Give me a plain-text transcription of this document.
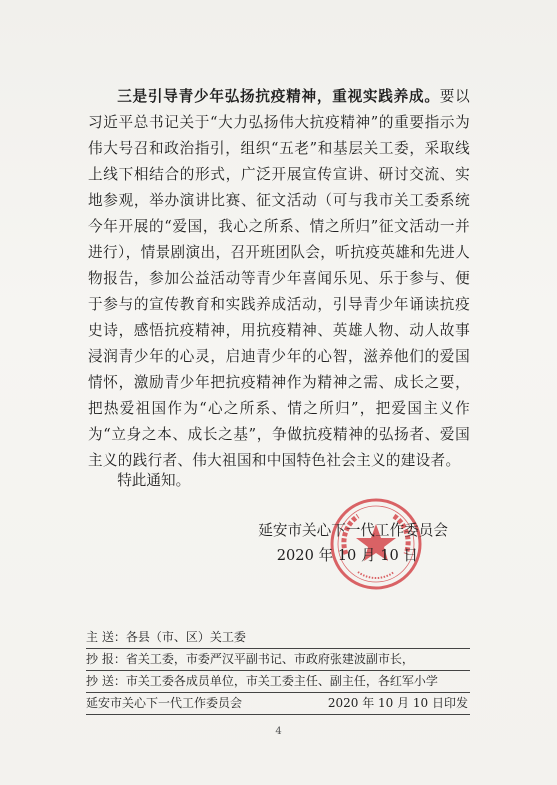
三是引导青少年弘扬抗疫精神，重视实践养成。要以习近平总书记关于“大力弘扬伟大抗疫精神”的重要指示为伟大号召和政治指引，组织“五老”和基层关工委，采取线上线下相结合的形式，广泛开展宣传宣讲、研讨交流、实地参观，举办演讲比赛、征文活动（可与我市关工委系统今年开展的“爱国，我心之所系、情之所归”征文活动一并进行），情景剧演出，召开班团队会，听抗疫英雄和先进人物报告，参加公益活动等青少年喜闻乐见、乐于参与、便于参与的宣传教育和实践养成活动，引导青少年诵读抗疫史诗，感悟抗疫精神，用抗疫精神、英雄人物、动人故事浸润青少年的心灵，启迪青少年的心智，滋养他们的爱国情怀，激励青少年把抗疫精神作为精神之需、成长之要，把热爱祖国作为“心之所系、情之所归”，把爱国主义作为“立身之本、成长之基”，争做抗疫精神的弘扬者、爱国主义的践行者、伟大祖国和中国特色社会主义的建设者。

特此通知。
延安市关心下一代工作委员会
2020 年 10 月 10 日
主 送：各县（市、区）关工委
抄 报：省关工委，市委严汉平副书记、市政府张建波副市长，
抄 送：市关工委各成员单位，市关工委主任、副主任，各红军小学
延安市关心下一代工作委员会	2020 年 10 月 10 日印发
4
